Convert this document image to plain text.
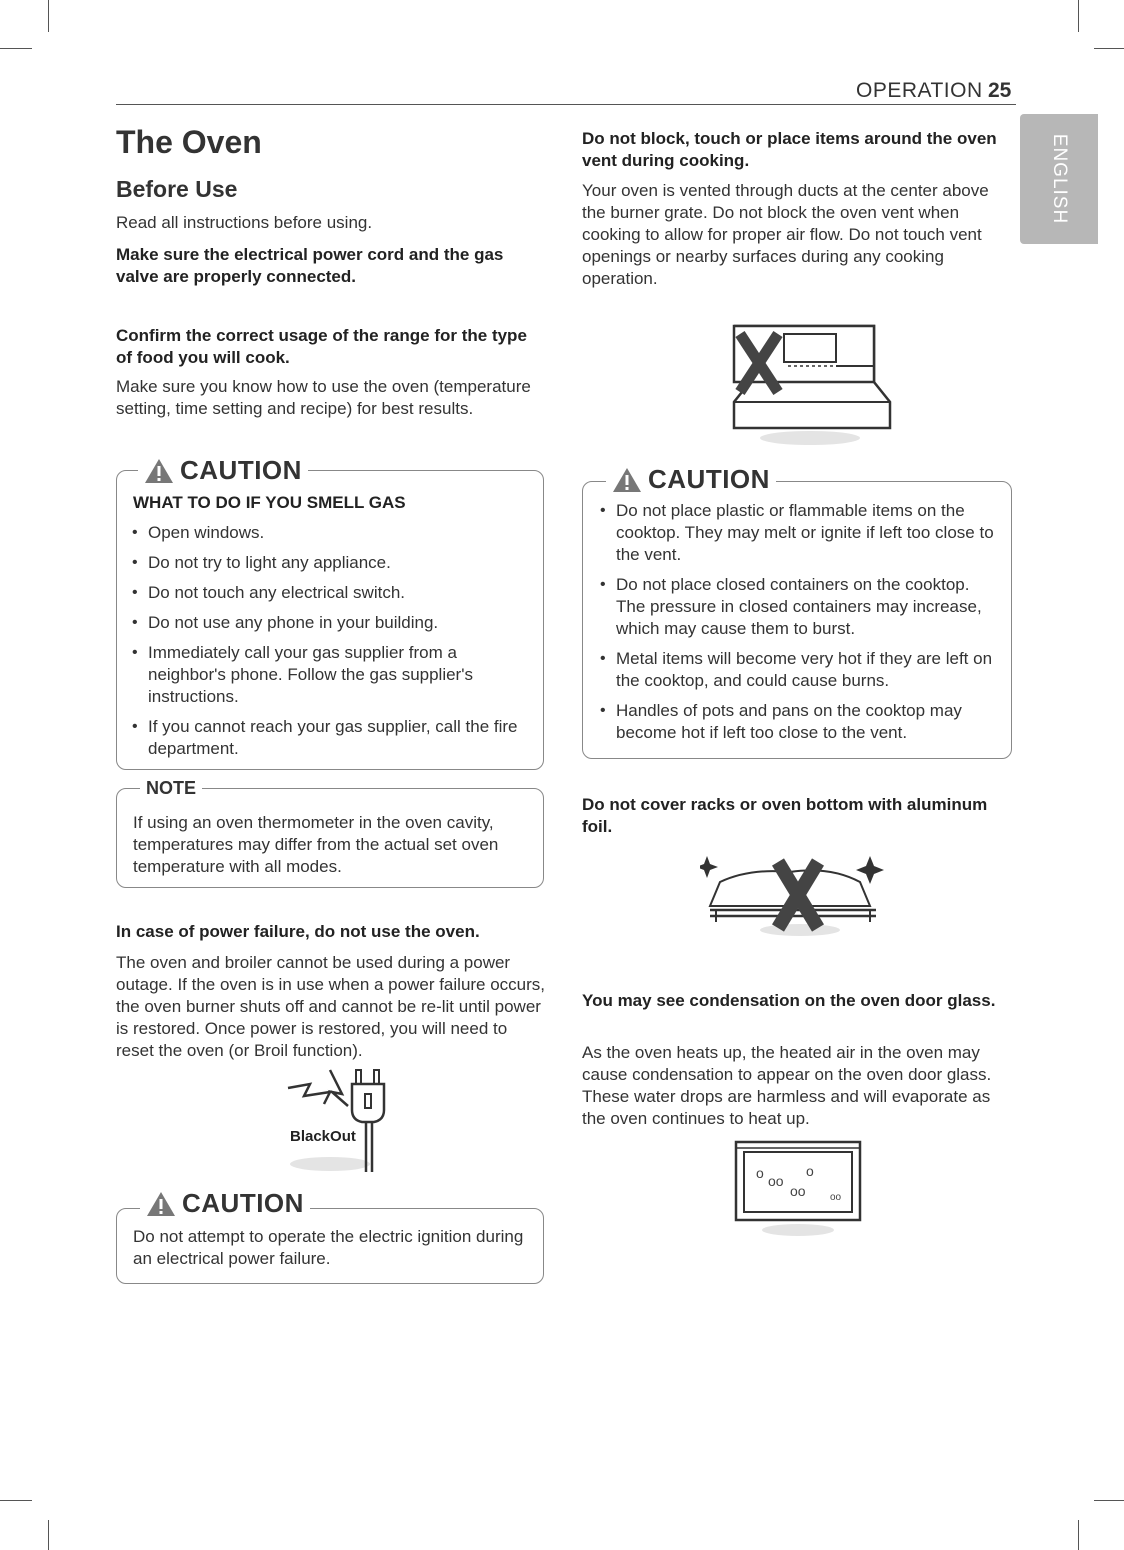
OPERATION 25
ENGLISH
The Oven
Before Use
Read all instructions before using.
Make sure the electrical power cord and the gas valve are properly connected.
Confirm the correct usage of the range for the type of food you will cook.
Make sure you know how to use the oven (temperature setting, time setting and recipe) for best results.
CAUTION
WHAT TO DO IF YOU SMELL GAS
• Open windows.
• Do not try to light any appliance.
• Do not touch any electrical switch.
• Do not use any phone in your building.
• Immediately call your gas supplier from a neighbor's phone. Follow the gas supplier's instructions.
• If you cannot reach your gas supplier, call the fire department.
NOTE
If using an oven thermometer in the oven cavity, temperatures may differ from the actual set oven temperature with all modes.
In case of power failure, do not use the oven.
The oven and broiler cannot be used during a power outage. If the oven is in use when a power failure occurs, the oven burner shuts off and cannot be re-lit until power is restored. Once power is restored, you will need to reset the oven (or Broil function).
BlackOut
CAUTION
Do not attempt to operate the electric ignition during an electrical power failure.
Do not block, touch or place items around the oven vent during cooking.
Your oven is vented through ducts at the center above the burner grate. Do not block the oven vent when cooking to allow for proper air flow. Do not touch vent openings or nearby surfaces during any cooking operation.
CAUTION
• Do not place plastic or flammable items on the cooktop. They may melt or ignite if left too close to the vent.
• Do not place closed containers on the cooktop. The pressure in closed containers may increase, which may cause them to burst.
• Metal items will become very hot if they are left on the cooktop, and could cause burns.
• Handles of pots and pans on the cooktop may become hot if left too close to the vent.
Do not cover racks or oven bottom with aluminum foil.
You may see condensation on the oven door glass.
As the oven heats up, the heated air in the oven may cause condensation to appear on the oven door glass. These water drops are harmless and will evaporate as the oven continues to heat up.
o oo
oo
o
oo
